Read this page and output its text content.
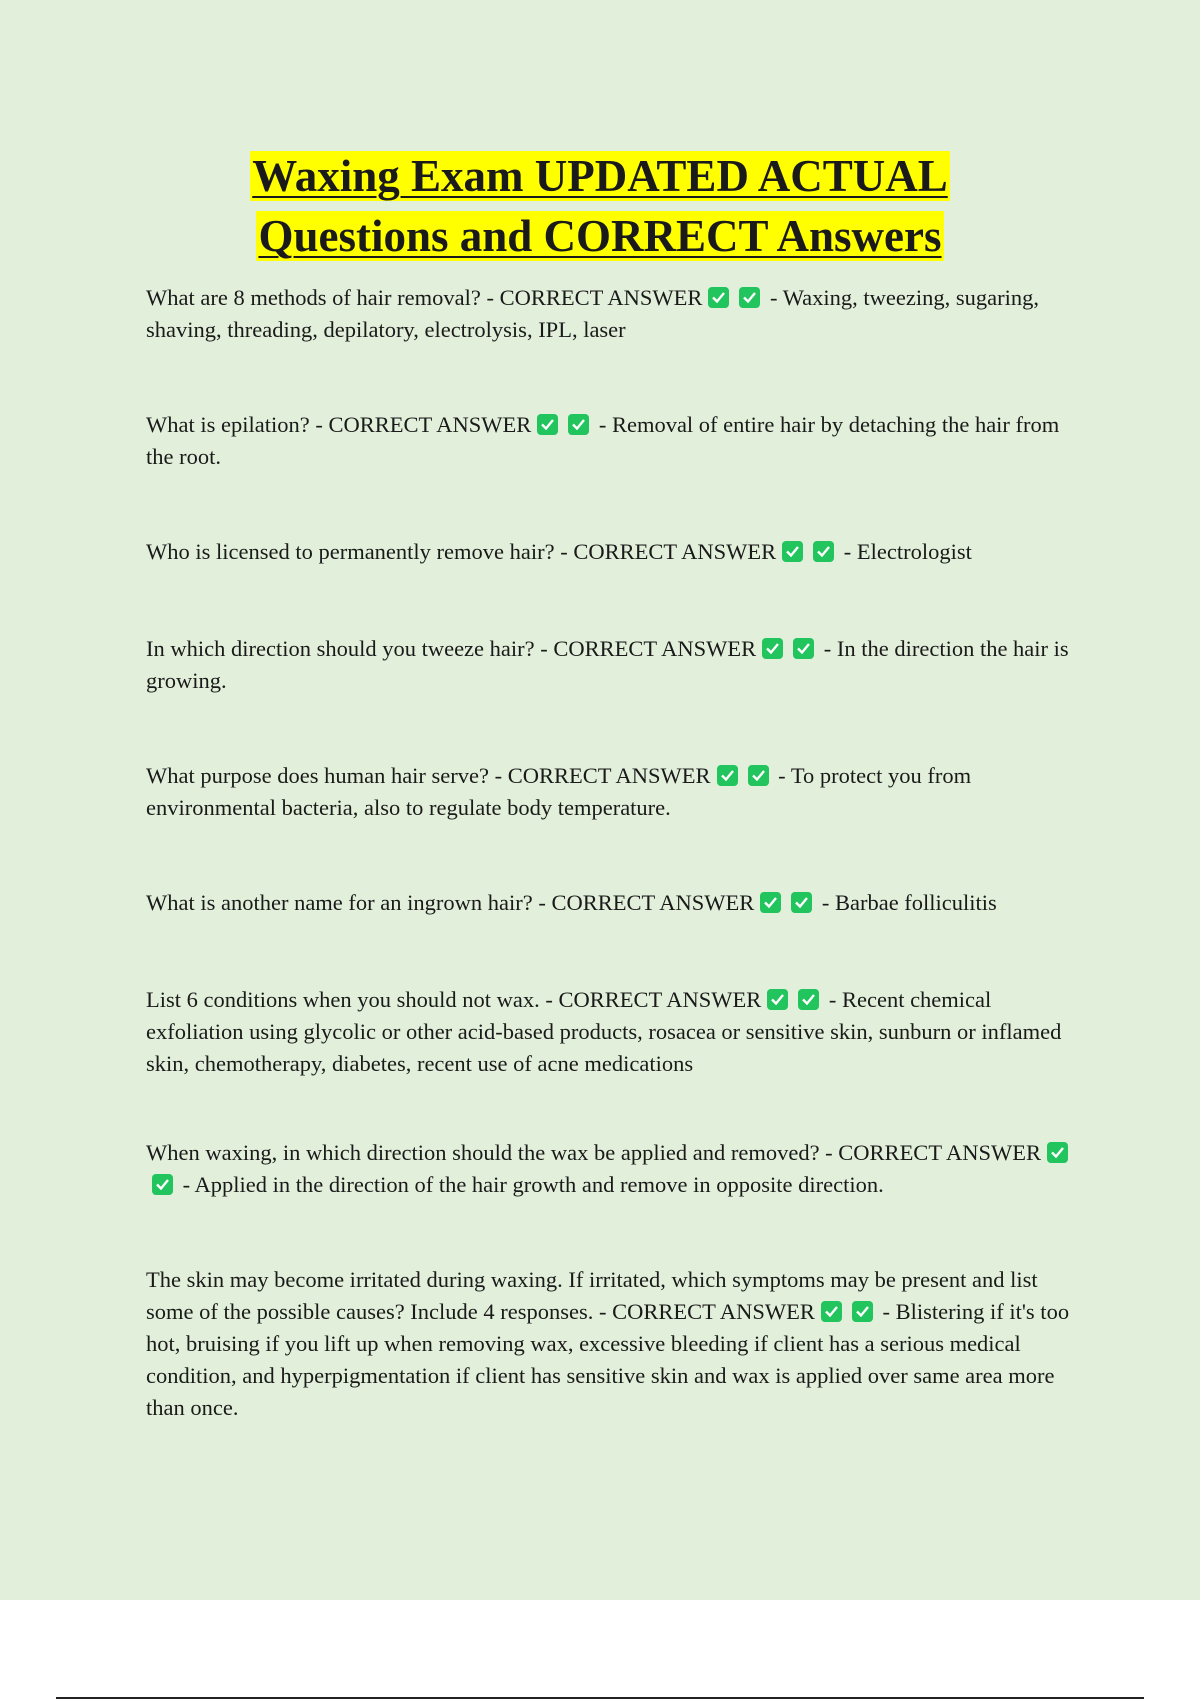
Waxing Exam UPDATED ACTUAL
Questions and CORRECT Answers

What are 8 methods of hair removal? - CORRECT ANSWER	- Waxing, tweezing, sugaring, shaving, threading, depilatory, electrolysis, IPL, laser

What is epilation? - CORRECT ANSWER	- Removal of entire hair by detaching the hair from the root.

Who is licensed to permanently remove hair? - CORRECT ANSWER	- Electrologist

In which direction should you tweeze hair? - CORRECT ANSWER	- In the direction the hair is growing.

What purpose does human hair serve? - CORRECT ANSWER	- To protect you from environmental bacteria, also to regulate body temperature.

What is another name for an ingrown hair? - CORRECT ANSWER	- Barbae folliculitis

List 6 conditions when you should not wax. - CORRECT ANSWER	- Recent chemical exfoliation using glycolic or other acid-based products, rosacea or sensitive skin, sunburn or inflamed skin, chemotherapy, diabetes, recent use of acne medications

When waxing, in which direction should the wax be applied and removed? - CORRECT ANSWER
- Applied in the direction of the hair growth and remove in opposite direction.

The skin may become irritated during waxing. If irritated, which symptoms may be present and list some of the possible causes? Include 4 responses. - CORRECT ANSWER	- Blistering if it's too hot, bruising if you lift up when removing wax, excessive bleeding if client has a serious medical condition, and hyperpigmentation if client has sensitive skin and wax is applied over same area more than once.
